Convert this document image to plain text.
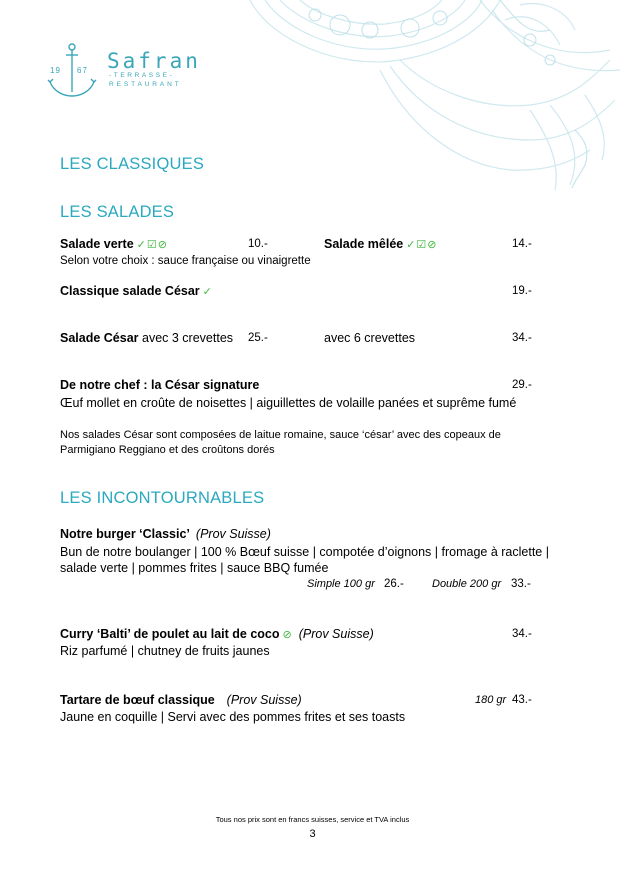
19 67 Safran
-TERRASSE-
RESTAURANT
LES CLASSIQUES
LES SALADES
Salade verte ✓☑⊘	10.-	Salade mêlée ✓☑⊘	14.-
Selon votre choix : sauce française ou vinaigrette
Classique salade César ✓	19.-
Salade César avec 3 crevettes 25.-	avec 6 crevettes	34.-
De notre chef : la César signature	29.-
Œuf mollet en croûte de noisettes | aiguillettes de volaille panées et suprême fumé
Nos salades César sont composées de laitue romaine, sauce ‘césar’ avec des copeaux de
Parmigiano Reggiano et des croûtons dorés
LES INCONTOURNABLES
Notre burger ‘Classic’ (Prov Suisse)
Bun de notre boulanger | 100 % Bœuf suisse | compotée d’oignons | fromage à raclette |
salade verte | pommes frites | sauce BBQ fumée
Simple 100 gr 26.-	Double 200 gr 33.-
Curry ‘Balti’ de poulet au lait de coco ⊘ (Prov Suisse)	34.-
Riz parfumé | chutney de fruits jaunes
Tartare de bœuf classique (Prov Suisse)	180 gr 43.-
Jaune en coquille | Servi avec des pommes frites et ses toasts
Tous nos prix sont en francs suisses, service et TVA inclus
3
